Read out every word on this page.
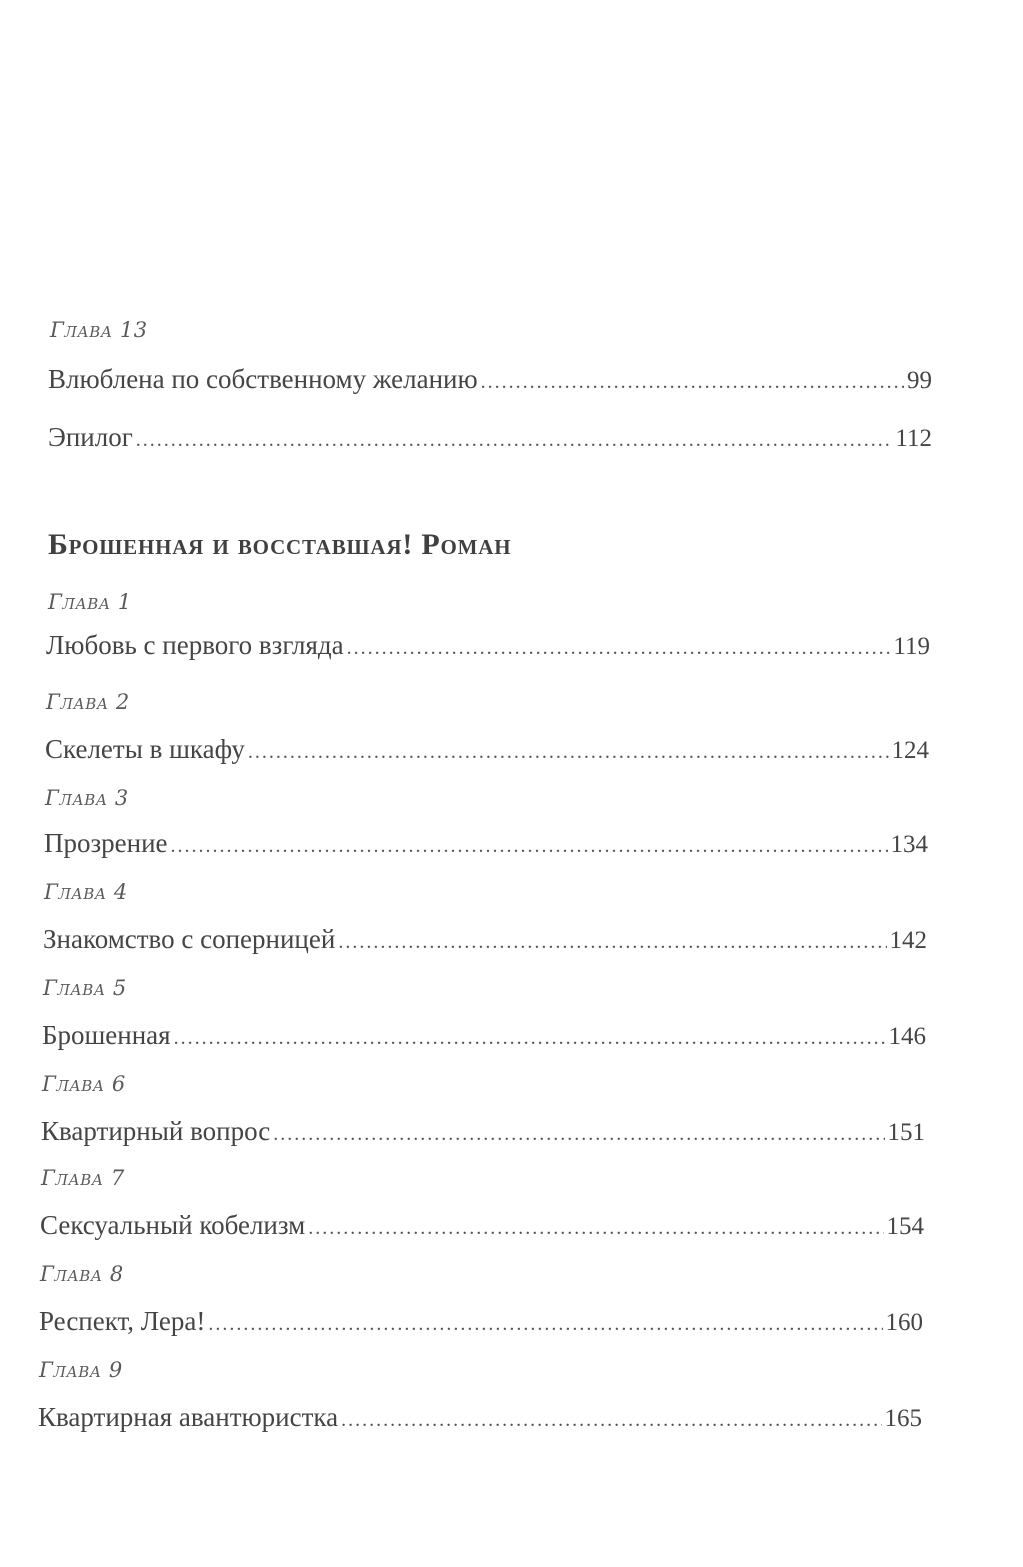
Глава 13
Влюблена по собственному желанию .....	99
Эпилог .....	112
Брошенная и восставшая! Роман
Глава 1
Любовь с первого взгляда .....	119
Глава 2
Скелеты в шкафу .....	124
Глава 3
Прозрение .....	134
Глава 4
Знакомство с соперницей .....	142
Глава 5
Брошенная .....	146
Глава 6
Квартирный вопрос .....	151
Глава 7
Сексуальный кобелизм .....	154
Глава 8
Респект, Лера! .....	160
Глава 9
Квартирная авантюристка .....	165
